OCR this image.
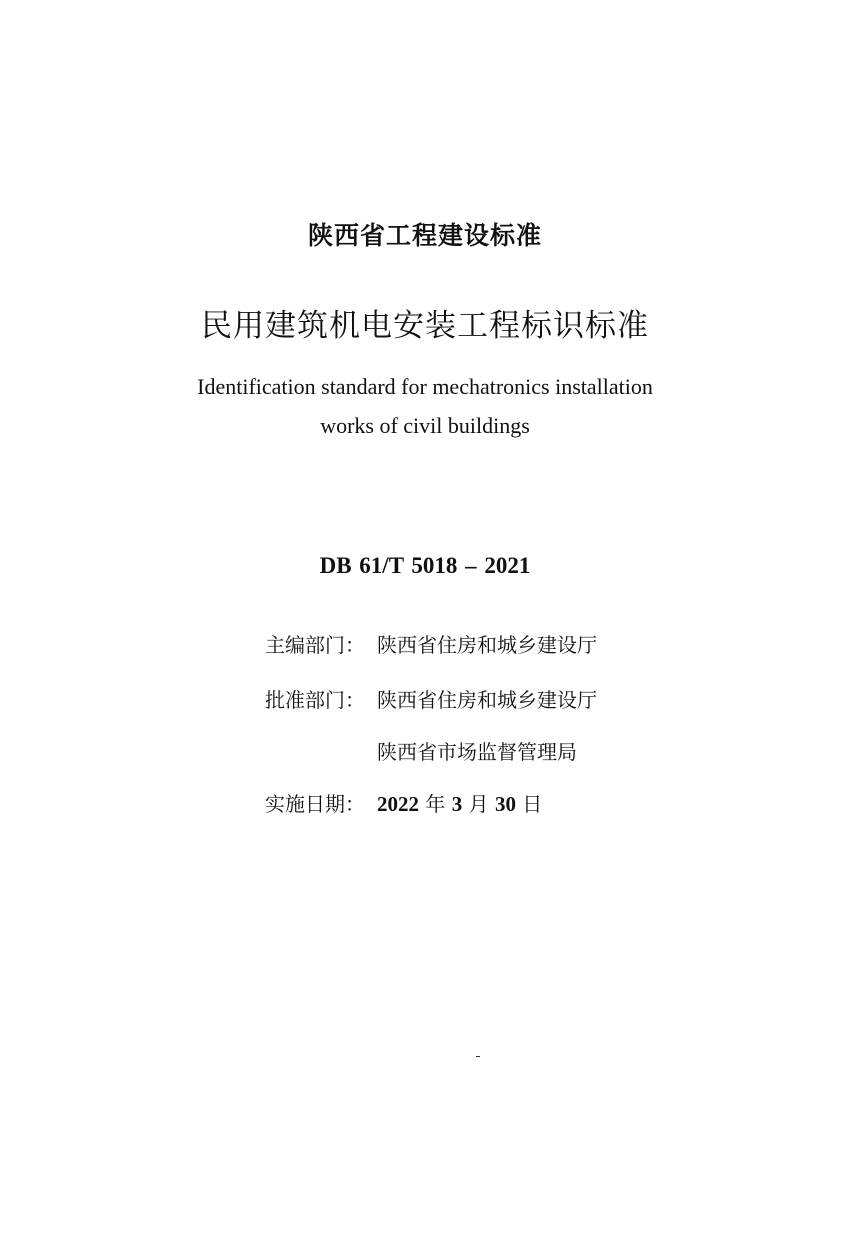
陕西省工程建设标准
民用建筑机电安装工程标识标准
Identification standard for mechatronics installation
works of civil buildings
DB 61/T 5018 – 2021
主编部门： 陕西省住房和城乡建设厅
批准部门： 陕西省住房和城乡建设厅
陕西省市场监督管理局
实施日期： 2022 年 3 月 30 日
